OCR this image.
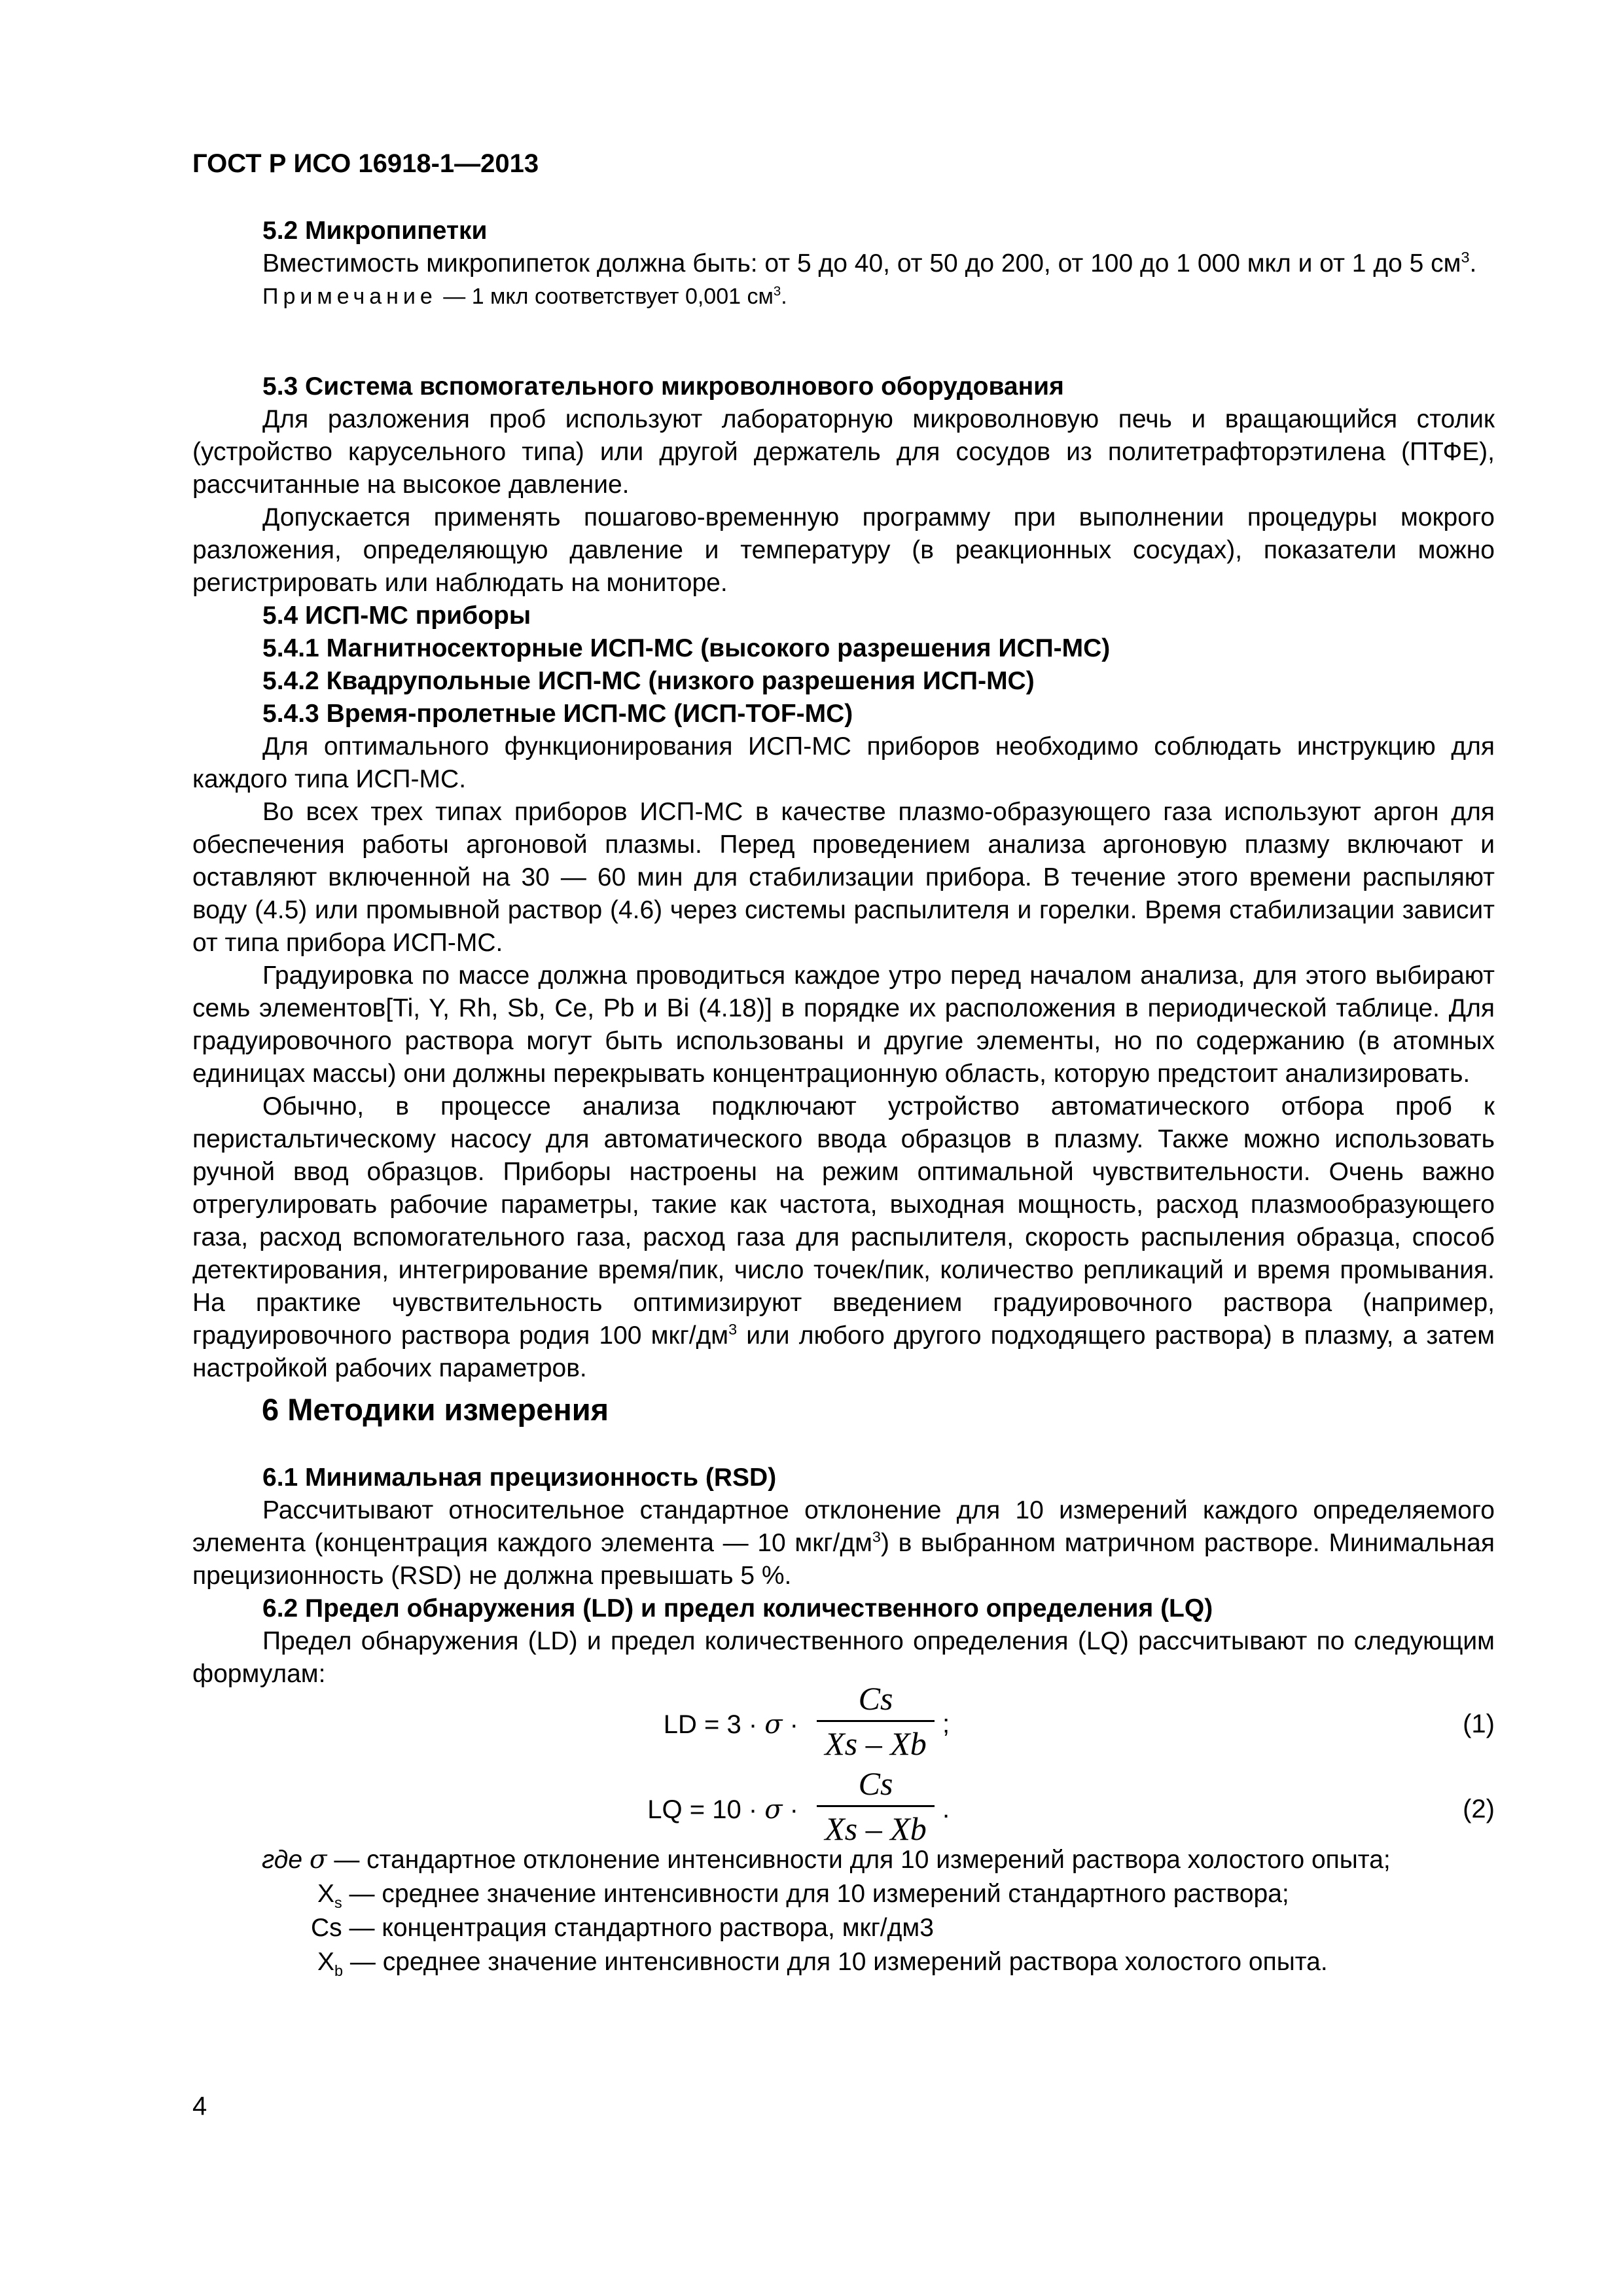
ГОСТ Р ИСО 16918-1—2013
5.2 Микропипетки
Вместимость микропипеток должна быть: от 5 до 40, от 50 до 200, от 100 до 1 000 мкл и от 1 до 5 $см^3$.
Примечание — 1 мкл соответствует 0,001 $см^3$.
5.3 Система вспомогательного микроволнового оборудования
Для разложения проб используют лабораторную микроволновую печь и вращающийся столик (устройство карусельного типа) или другой держатель для сосудов из политетрафторэтилена (ПТФЕ), рассчитанные на высокое давление.
Допускается применять пошагово-временную программу при выполнении процедуры мокрого разложения, определяющую давление и температуру (в реакционных сосудах), показатели можно регистрировать или наблюдать на мониторе.
5.4 ИСП-МС приборы
5.4.1 Магнитносекторные ИСП-МС (высокого разрешения ИСП-МС)
5.4.2 Квадрупольные ИСП-МС (низкого разрешения ИСП-МС)
5.4.3 Время-пролетные ИСП-МС (ИСП-TOF-МС)
Для оптимального функционирования ИСП-МС приборов необходимо соблюдать инструкцию для каждого типа ИСП-МС.
Во всех трех типах приборов ИСП-МС в качестве плазмо-образующего газа используют аргон для обеспечения работы аргоновой плазмы. Перед проведением анализа аргоновую плазму включают и оставляют включенной на 30 — 60 мин для стабилизации прибора. В течение этого времени распыляют воду (4.5) или промывной раствор (4.6) через системы распылителя и горелки. Время стабилизации зависит от типа прибора ИСП-МС.
Градуировка по массе должна проводиться каждое утро перед началом анализа, для этого выбирают семь элементов[Ti, Y, Rh, Sb, Ce, Pb и Bi (4.18)] в порядке их расположения в периодической таблице. Для градуировочного раствора могут быть использованы и другие элементы, но по содержанию (в атомных единицах массы) они должны перекрывать концентрационную область, которую предстоит анализировать.
Обычно, в процессе анализа подключают устройство автоматического отбора проб к перистальтическому насосу для автоматического ввода образцов в плазму. Также можно использовать ручной ввод образцов. Приборы настроены на режим оптимальной чувствительности. Очень важно отрегулировать рабочие параметры, такие как частота, выходная мощность, расход плазмообразующего газа, расход вспомогательного газа, расход газа для распылителя, скорость распыления образца, способ детектирования, интегрирование время/пик, число точек/пик, количество репликаций и время промывания. На практике чувствительность оптимизируют введением градуировочного раствора (например, градуировочного раствора родия 100 мкг/$дм^3$ или любого другого подходящего раствора) в плазму, а затем настройкой рабочих параметров.
6 Методики измерения
6.1 Минимальная прецизионность (RSD)
Рассчитывают относительное стандартное отклонение для 10 измерений каждого определяемого элемента (концентрация каждого элемента — 10 мкг/$дм^3$) в выбранном матричном растворе. Минимальная прецизионность (RSD) не должна превышать 5 %.
6.2 Предел обнаружения (LD) и предел количественного определения (LQ)
Предел обнаружения (LD) и предел количественного определения (LQ) рассчитывают по следующим формулам:
LD = 3 · σ ·
Cs
Xs – Xb
;	(1)
LQ = 10 · σ ·
Cs
Xs – Xb
.	(2)
где σ — стандартное отклонение интенсивности для 10 измерений раствора холостого опыта;
$X_s$ — среднее значение интенсивности для 10 измерений стандартного раствора;
Cs — концентрация стандартного раствора, мкг/дм3
$X_b$ — среднее значение интенсивности для 10 измерений раствора холостого опыта.
4
